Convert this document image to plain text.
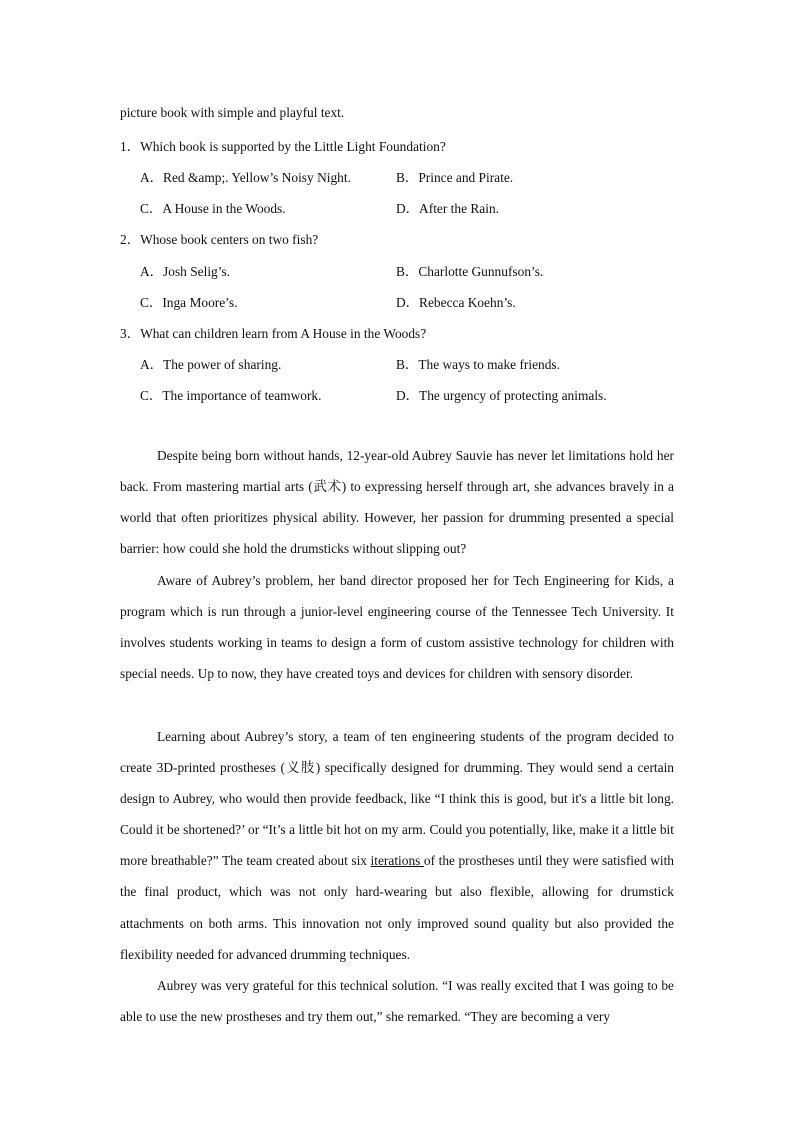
picture book with simple and playful text.
1．Which book is supported by the Little Light Foundation?
A．Red &amp;. Yellow’s Noisy Night.	B．Prince and Pirate.
C．A House in the Woods.	D．After the Rain.
2．Whose book centers on two fish?
A．Josh Selig’s.	B．Charlotte Gunnufson’s.
C．Inga Moore’s.	D．Rebecca Koehn’s.
3．What can children learn from A House in the Woods?
A．The power of sharing.	B．The ways to make friends.
C．The importance of teamwork.	D．The urgency of protecting animals.

Despite being born without hands, 12-year-old Aubrey Sauvie has never let limitations hold her back. From mastering martial arts (武术) to expressing herself through art, she advances bravely in a world that often prioritizes physical ability. However, her passion for drumming presented a special barrier: how could she hold the drumsticks without slipping out?

Aware of Aubrey’s problem, her band director proposed her for Tech Engineering for Kids, a program which is run through a junior-level engineering course of the Tennessee Tech University. It involves students working in teams to design a form of custom assistive technology for children with special needs. Up to now, they have created toys and devices for children with sensory disorder.

Learning about Aubrey’s story, a team of ten engineering students of the program decided to create 3D-printed prostheses (义肢) specifically designed for drumming. They would send a certain design to Aubrey, who would then provide feedback, like “I think this is good, but it's a little bit long. Could it be shortened?’ or “It’s a little bit hot on my arm. Could you potentially, like, make it a little bit more breathable?” The team created about six iterations of the prostheses until they were satisfied with the final product, which was not only hard-wearing but also flexible, allowing for drumstick attachments on both arms. This innovation not only improved sound quality but also provided the flexibility needed for advanced drumming techniques.

Aubrey was very grateful for this technical solution. “I was really excited that I was going to be able to use the new prostheses and try them out,” she remarked. “They are becoming a very
